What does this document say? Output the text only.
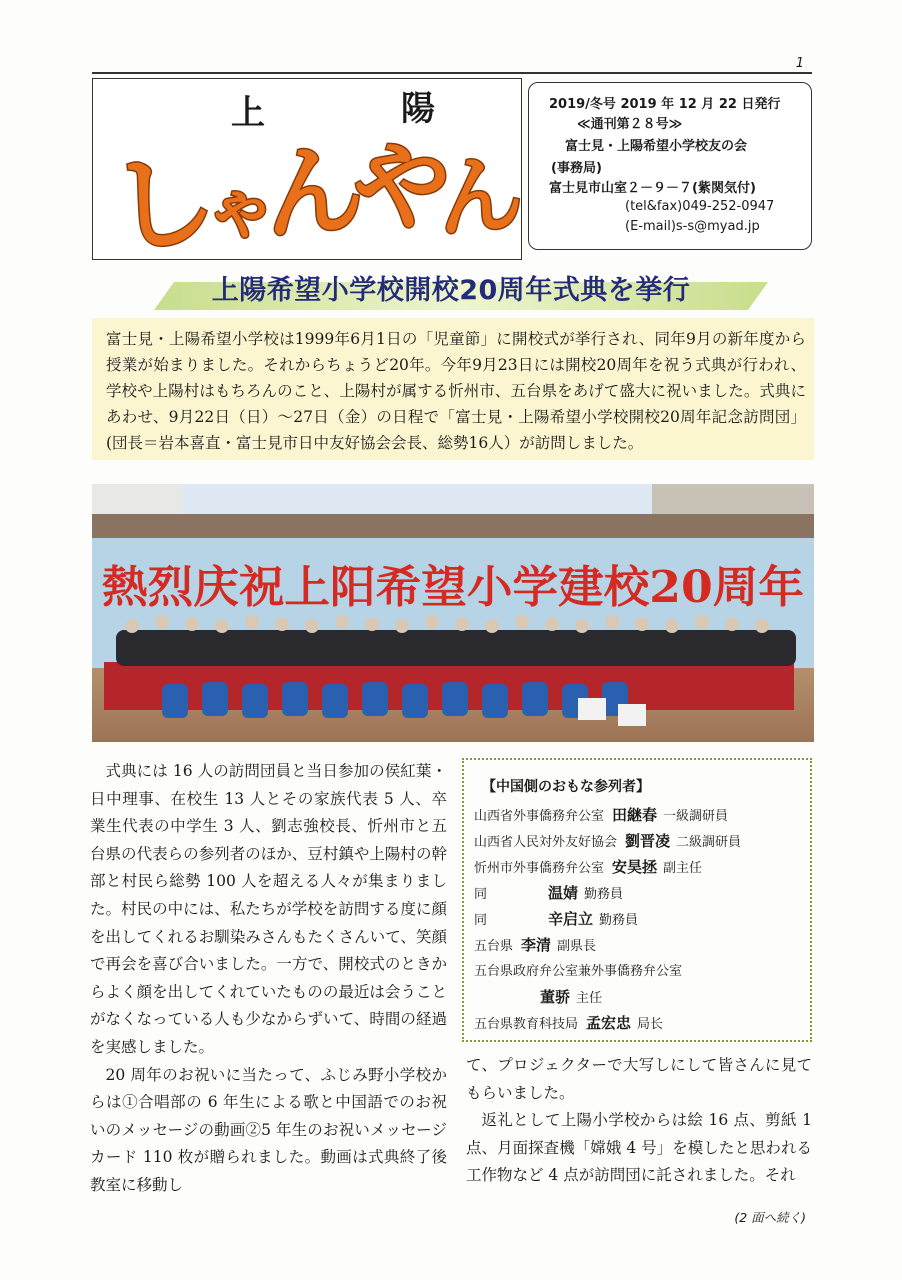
1
上	陽
し
ゃ
ん
や
ん
2019/冬号 2019 年 12 月 22 日発行
≪通刊第２８号≫
富士見・上陽希望小学校友の会
(事務局)
富士見市山室２－９－７(紫関気付)
(tel&fax)049-252-0947
(E-mail)s-s@myad.jp
上陽希望小学校開校20周年式典を挙行

富士見・上陽希望小学校は1999年6月1日の「児童節」に開校式が挙行され、同年9月の新年度から授業が始まりました。それからちょうど20年。今年9月23日には開校20周年を祝う式典が行われ、学校や上陽村はもちろんのこと、上陽村が属する忻州市、五台県をあげて盛大に祝いました。式典にあわせ、9月22日（日）～27日（金）の日程で「富士見・上陽希望小学校開校20周年記念訪問団」(団長＝岩本喜直・富士見市日中友好協会会長、総勢16人）が訪問しました。

熱烈庆祝上阳希望小学建校20周年

式典には 16 人の訪問団員と当日参加の侯紅葉・日中理事、在校生 13 人とその家族代表 5 人、卒業生代表の中学生 3 人、劉志強校長、忻州市と五台県の代表らの参列者のほか、豆村鎮や上陽村の幹部と村民ら総勢 100 人を超える人々が集まりました。村民の中には、私たちが学校を訪問する度に顔を出してくれるお馴染みさんもたくさんいて、笑顔で再会を喜び合いました。一方で、開校式のときからよく顔を出してくれていたものの最近は会うことがなくなっている人も少なからずいて、時間の経過を実感しました。

20 周年のお祝いに当たって、ふじみ野小学校からは①合唱部の 6 年生による歌と中国語でのお祝いのメッセージの動画②5 年生のお祝いメッセージカード 110 枚が贈られました。動画は式典終了後教室に移動し

【中国側のおもな参列者】
山西省外事僑務弁公室 田継春 一級調研員
山西省人民対外友好協会 劉晋凌 二級調研員
忻州市外事僑務弁公室 安昊拯 副主任
同	温婧 勤務員
同	辛启立 勤務員
五台県 李清 副県長
五台県政府弁公室兼外事僑務弁公室
董骄 主任
五台県教育科技局 孟宏忠 局长

て、プロジェクターで大写しにして皆さんに見てもらいました。

返礼として上陽小学校からは絵 16 点、剪紙 1 点、月面探査機「嫦娥 4 号」を模したと思われる工作物など 4 点が訪問団に託されました。それ

(2 面へ続く)
